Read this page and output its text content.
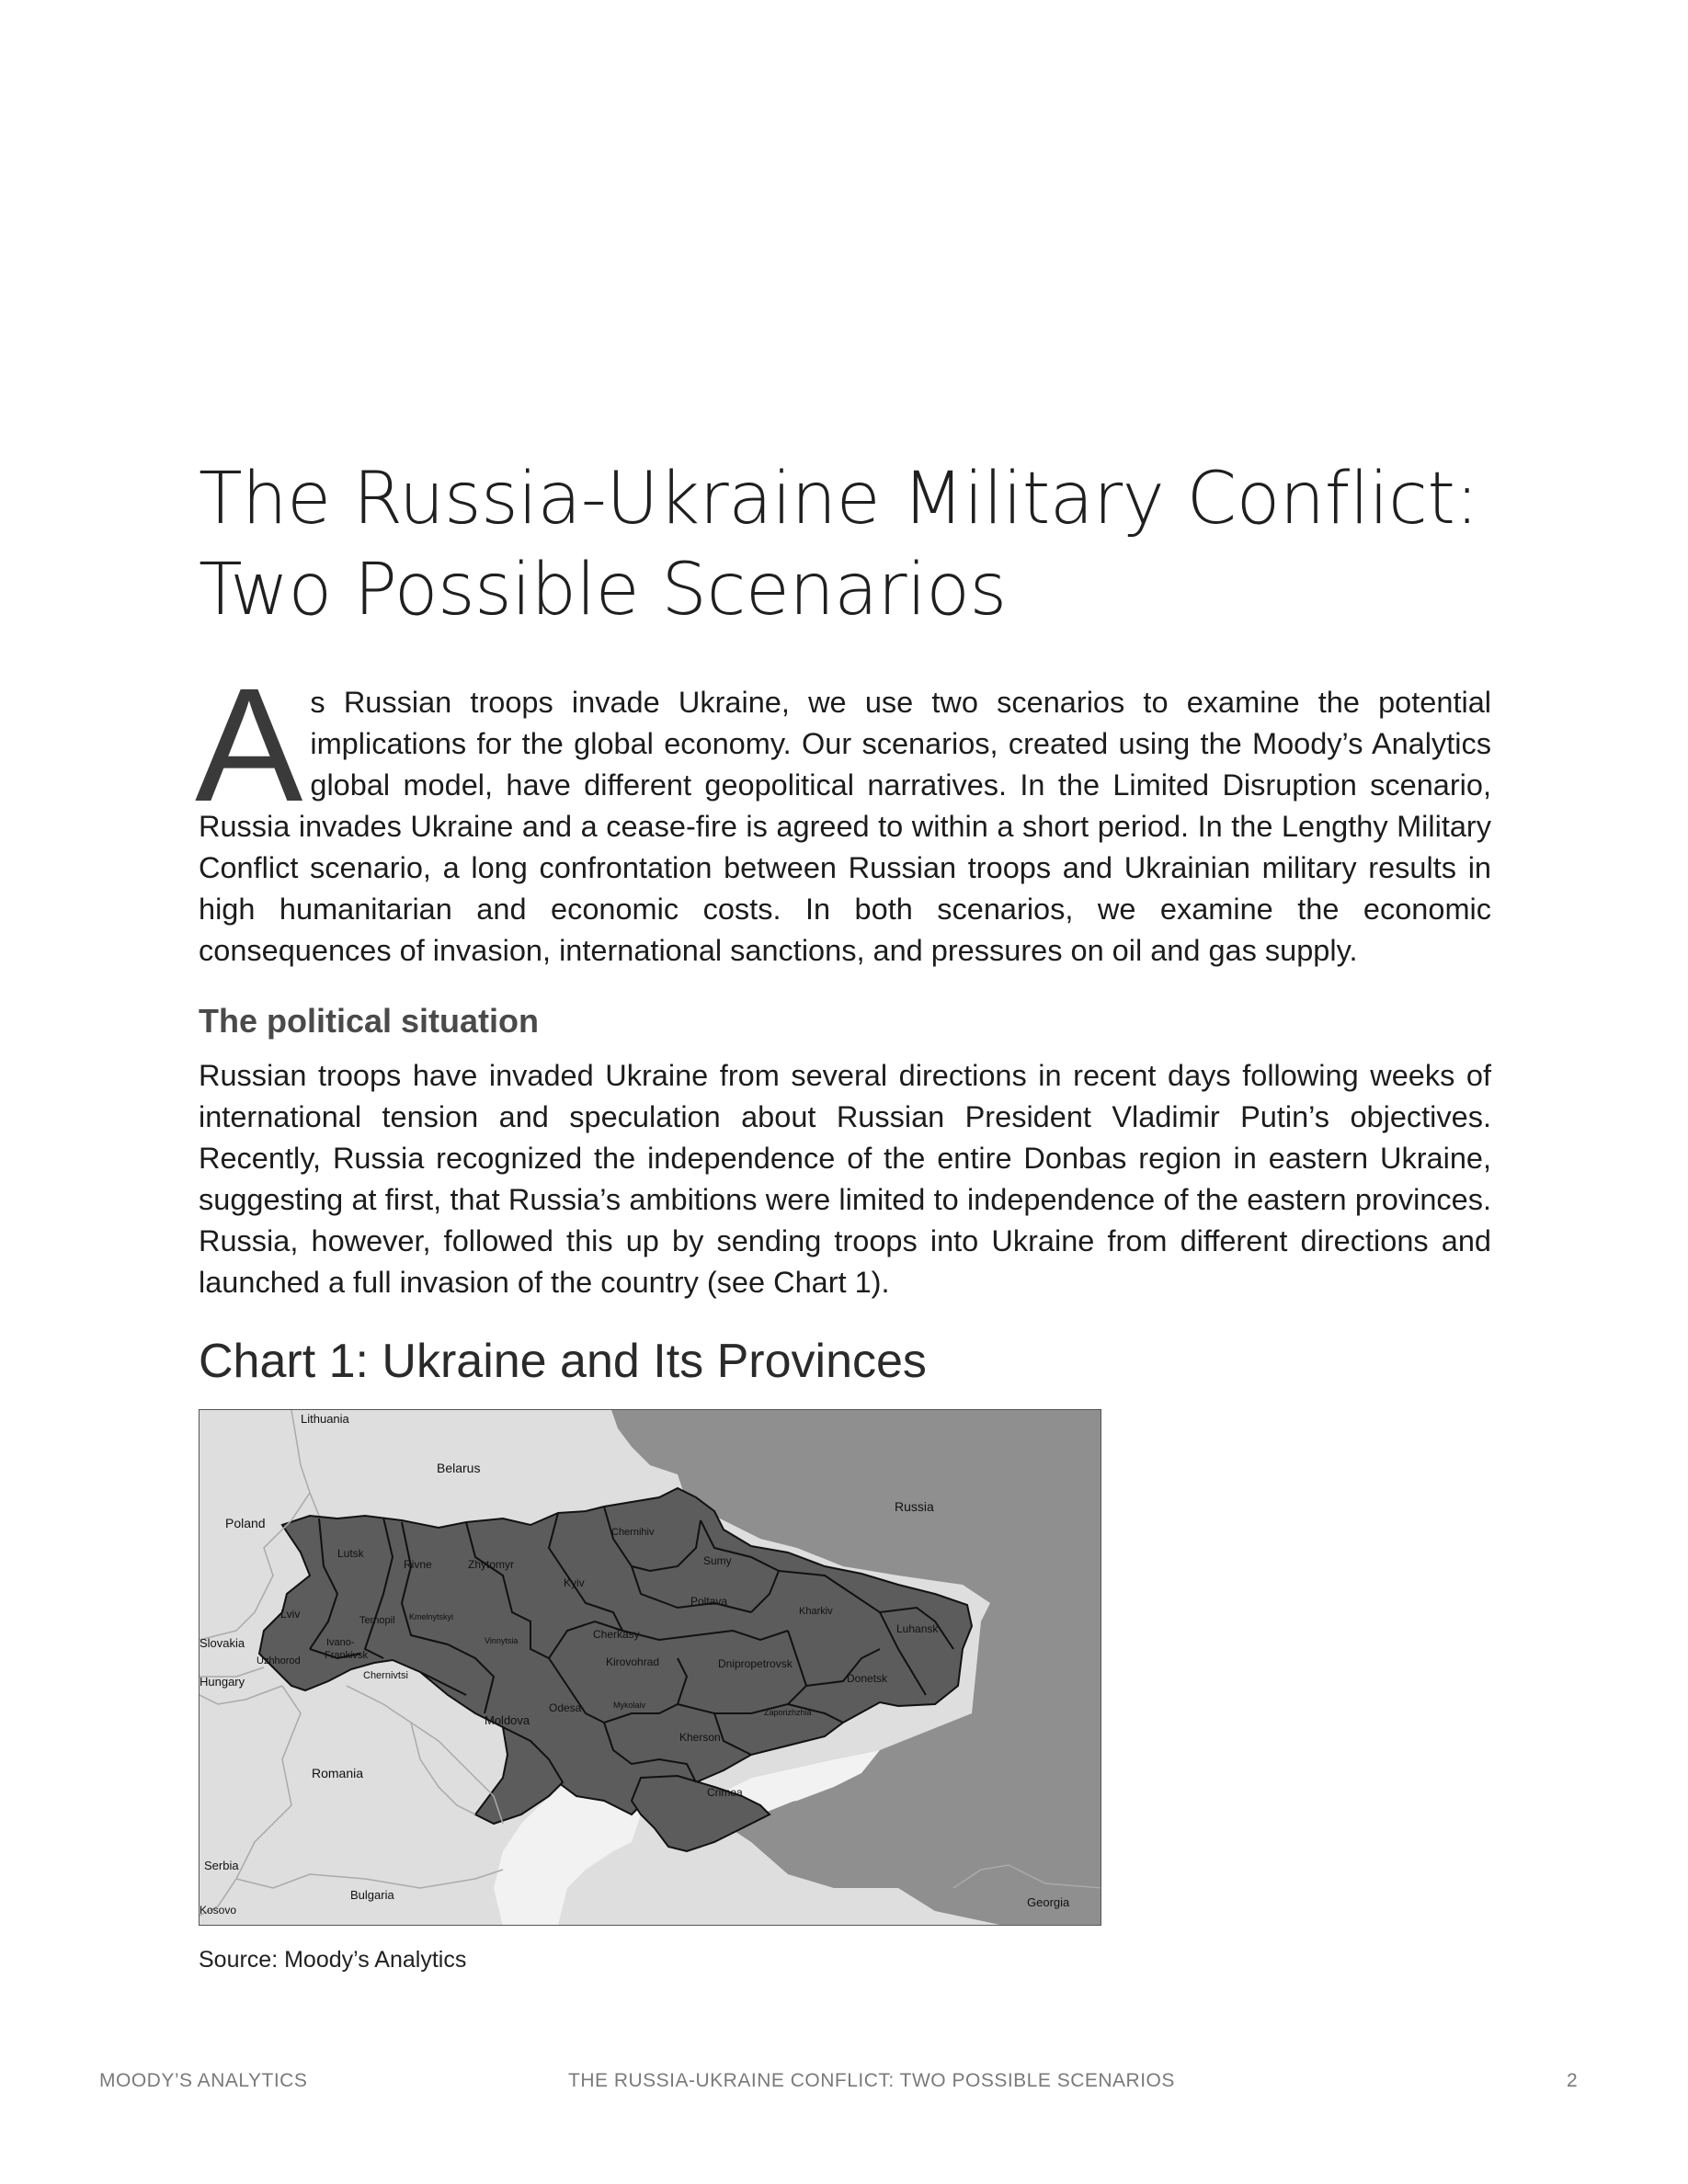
The Russia-Ukraine Military Conflict:
Two Possible Scenarios

A s Russian troops invade Ukraine, we use two scenarios to examine the potential implications for the global economy. Our scenarios, created using the Moody’s Analytics global model, have different geopolitical narratives. In the Limited Disruption scenario, Russia invades Ukraine and a cease-fire is agreed to within a short period. In the Lengthy Military Conflict scenario, a long confrontation between Russian troops and Ukrainian military results in high humanitarian and economic costs. In both scenarios, we examine the economic consequences of invasion, international sanctions, and pressures on oil and gas supply.

The political situation

Russian troops have invaded Ukraine from several directions in recent days following weeks of international tension and speculation about Russian President Vladimir Putin’s objectives. Recently, Russia recognized the independence of the entire Donbas region in eastern Ukraine, suggesting at first, that Russia’s ambitions were limited to independence of the eastern provinces. Russia, however, followed this up by sending troops into Ukraine from different directions and launched a full invasion of the country (see Chart 1).

Chart 1: Ukraine and Its Provinces
Lithuania
Belarus
Poland
Russia
Slovakia
Hungary
Moldova
Romania
Serbia
Bulgaria
Kosovo
Georgia
Lutsk
Rivne	Zhytomyr
Chernihiv
Sumy
Kyiv
Poltava
Kharkiv
Luhansk
Lviv	Ternopil Kmelnytskyi
Vinnytsia	Cherkasy
Ivano-
Frankivsk
Uzhhorod
Chernivtsi
Kirovohrad	Dnipropetrovsk
Donetsk
Odesa	Mykolaiv
Zaporizhzhia
Kherson
Crimea

Source: Moody’s Analytics

MOODY’S ANALYTICS	THE RUSSIA-UKRAINE CONFLICT: TWO POSSIBLE SCENARIOS	2
